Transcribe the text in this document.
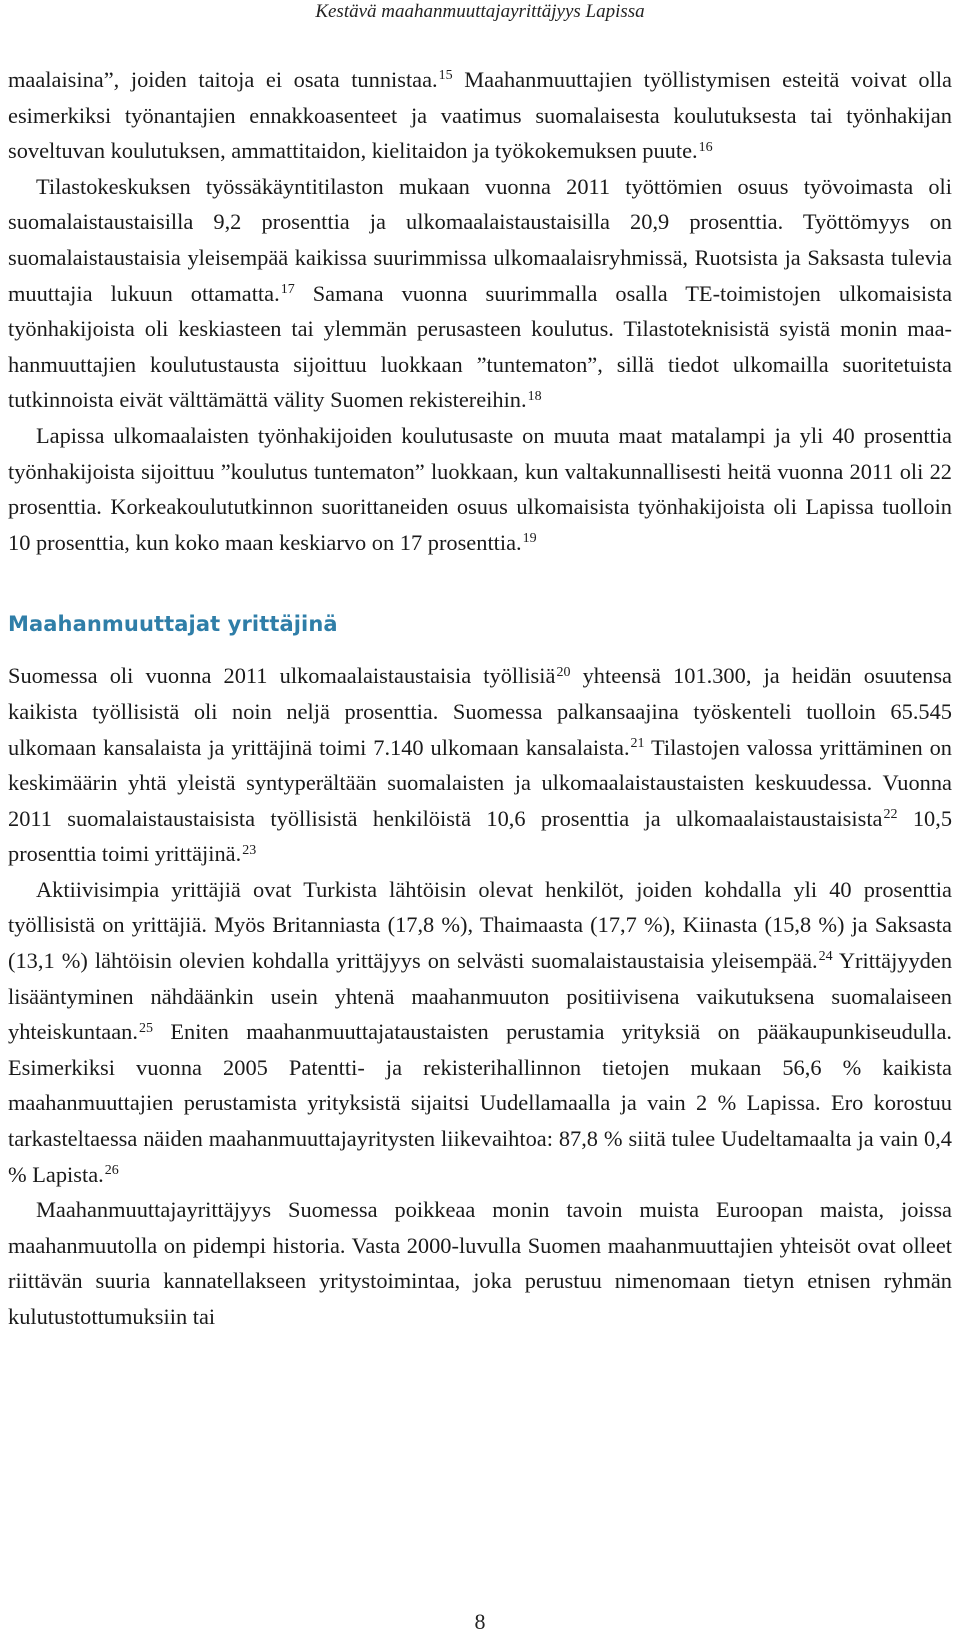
Kestävä maahanmuuttajayrittäjyys Lapissa

maalaisina”, joiden taitoja ei osata tunnistaa.$^{15}$ Maahanmuuttajien työllistymisen esteitä voivat olla esimerkiksi työnantajien ennakkoasenteet ja vaatimus suomalaisesta koulutuksesta tai työnhakijan soveltuvan koulutuksen, ammattitaidon, kielitaidon ja työkokemuksen puute.$^{16}$

Tilastokeskuksen työssäkäyntitilaston mukaan vuonna 2011 työttömien osuus työvoimasta oli suomalaistaustaisilla 9,2 prosenttia ja ulkomaalaistaustaisilla 20,9 prosenttia. Työttömyys on suomalaistaustaisia yleisempää kaikissa suurimmissa ulkomaalaisryhmissä, Ruotsista ja Saksasta tulevia muuttajia lukuun ottamatta.$^{17}$ Samana vuonna suurimmalla osalla TE-toimistojen ulkomaisista työnhakijoista oli keskiasteen tai ylemmän perusasteen koulutus. Tilastoteknisistä syistä monin maahanmuuttajien koulutustausta sijoittuu luokkaan ”tuntematon”, sillä tiedot ulkomailla suoritetuista tutkinnoista eivät välttämättä välity Suomen rekistereihin.$^{18}$

Lapissa ulkomaalaisten työnhakijoiden koulutusaste on muuta maat matalampi ja yli 40 prosenttia työnhakijoista sijoittuu ”koulutus tuntematon” luokkaan, kun valtakunnallisesti heitä vuonna 2011 oli 22 prosenttia. Korkeakoulututkinnon suorittaneiden osuus ulkomaisista työnhakijoista oli Lapissa tuolloin 10 prosenttia, kun koko maan keskiarvo on 17 prosenttia.$^{19}$

Maahanmuuttajat yrittäjinä

Suomessa oli vuonna 2011 ulkomaalaistaustaisia työllisiä$^{20}$ yhteensä 101.300, ja heidän osuutensa kaikista työllisistä oli noin neljä prosenttia. Suomessa palkansaajina työskenteli tuolloin 65.545 ulkomaan kansalaista ja yrittäjinä toimi 7.140 ulkomaan kansalaista.$^{21}$ Tilastojen valossa yrittäminen on keskimäärin yhtä yleistä syntyperältään suomalaisten ja ulkomaalaistaustaisten keskuudessa. Vuonna 2011 suomalaistaustaisista työllisistä henkilöistä 10,6 prosenttia ja ulkomaalaistaustaisista$^{22}$ 10,5 prosenttia toimi yrittäjinä.$^{23}$

Aktiivisimpia yrittäjiä ovat Turkista lähtöisin olevat henkilöt, joiden kohdalla yli 40 prosenttia työllisistä on yrittäjiä. Myös Britanniasta (17,8 %), Thaimaasta (17,7 %), Kiinasta (15,8 %) ja Saksasta (13,1 %) lähtöisin olevien kohdalla yrittäjyys on selvästi suomalaistaustaisia yleisempää.$^{24}$ Yrittäjyyden lisääntyminen nähdäänkin usein yhtenä maahanmuuton positiivisena vaikutuksena suomalaiseen yhteiskuntaan.$^{25}$ Eniten maahanmuuttajataustaisten perustamia yrityksiä on pääkaupunkiseudulla. Esimerkiksi vuonna 2005 Patentti- ja rekisterihallinnon tietojen mukaan 56,6 % kaikista maahanmuuttajien perustamista yrityksistä sijaitsi Uudellamaalla ja vain 2 % Lapissa. Ero korostuu tarkasteltaessa näiden maahanmuuttajayritysten liikevaihtoa: 87,8 % siitä tulee Uudeltamaalta ja vain 0,4 % Lapista.$^{26}$

Maahanmuuttajayrittäjyys Suomessa poikkeaa monin tavoin muista Euroopan maista, joissa maahanmuutolla on pidempi historia. Vasta 2000-luvulla Suomen maahanmuuttajien yhteisöt ovat olleet riittävän suuria kannatellakseen yritystoimintaa, joka perustuu nimenomaan tietyn etnisen ryhmän kulutustottumuksiin tai

8
